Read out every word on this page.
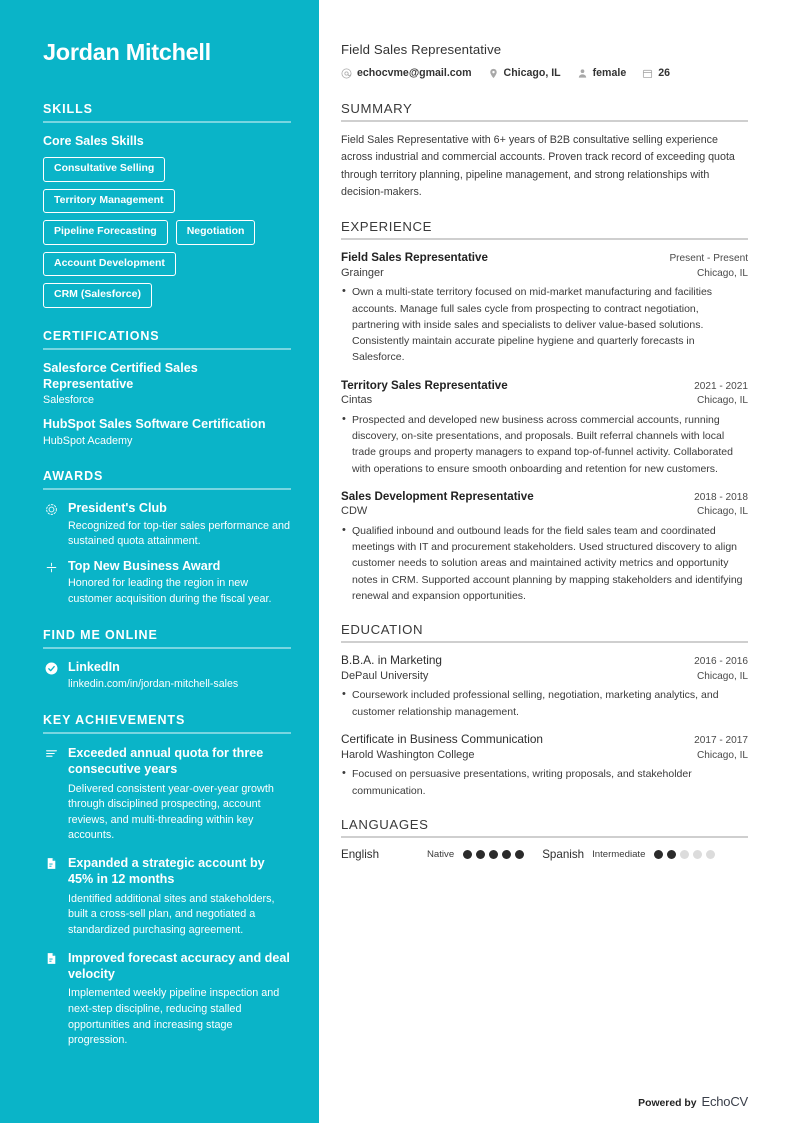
Jordan Mitchell
SKILLS
Core Sales Skills
Consultative Selling
Territory Management
Pipeline Forecasting	Negotiation
Account Development
CRM (Salesforce)
CERTIFICATIONS
Salesforce Certified Sales Representative
Salesforce
HubSpot Sales Software Certification
HubSpot Academy
AWARDS
President's Club
Recognized for top-tier sales performance and sustained quota attainment.
Top New Business Award
Honored for leading the region in new customer acquisition during the fiscal year.
FIND ME ONLINE
LinkedIn
linkedin.com/in/jordan-mitchell-sales
KEY ACHIEVEMENTS
Exceeded annual quota for three consecutive years
Delivered consistent year-over-year growth through disciplined prospecting, account reviews, and multi-threading within key accounts.
Expanded a strategic account by 45% in 12 months
Identified additional sites and stakeholders, built a cross-sell plan, and negotiated a standardized purchasing agreement.
Improved forecast accuracy and deal velocity
Implemented weekly pipeline inspection and next-step discipline, reducing stalled opportunities and increasing stage progression.
Field Sales Representative
echocvme@gmail.com	Chicago, IL	female	26
SUMMARY

Field Sales Representative with 6+ years of B2B consultative selling experience across industrial and commercial accounts. Proven track record of exceeding quota through territory planning, pipeline management, and strong relationships with decision-makers.

EXPERIENCE
Field Sales Representative	Present - Present
Grainger	Chicago, IL
• Own a multi-state territory focused on mid-market manufacturing and facilities accounts. Manage full sales cycle from prospecting to contract negotiation, partnering with inside sales and specialists to deliver value-based solutions. Consistently maintain accurate pipeline hygiene and quarterly forecasts in Salesforce.
Territory Sales Representative	2021 - 2021
Cintas	Chicago, IL
• Prospected and developed new business across commercial accounts, running discovery, on-site presentations, and proposals. Built referral channels with local trade groups and property managers to expand top-of-funnel activity. Collaborated with operations to ensure smooth onboarding and retention for new customers.
Sales Development Representative	2018 - 2018
CDW	Chicago, IL
• Qualified inbound and outbound leads for the field sales team and coordinated meetings with IT and procurement stakeholders. Used structured discovery to align customer needs to solution areas and maintained activity metrics and opportunity notes in CRM. Supported account planning by mapping stakeholders and identifying renewal and expansion opportunities.
EDUCATION
B.B.A. in Marketing	2016 - 2016
DePaul University	Chicago, IL
• Coursework included professional selling, negotiation, marketing analytics, and customer relationship management.
Certificate in Business Communication	2017 - 2017
Harold Washington College	Chicago, IL
• Focused on persuasive presentations, writing proposals, and stakeholder communication.
LANGUAGES
English	Native	Spanish Intermediate
Powered by EchoCV
